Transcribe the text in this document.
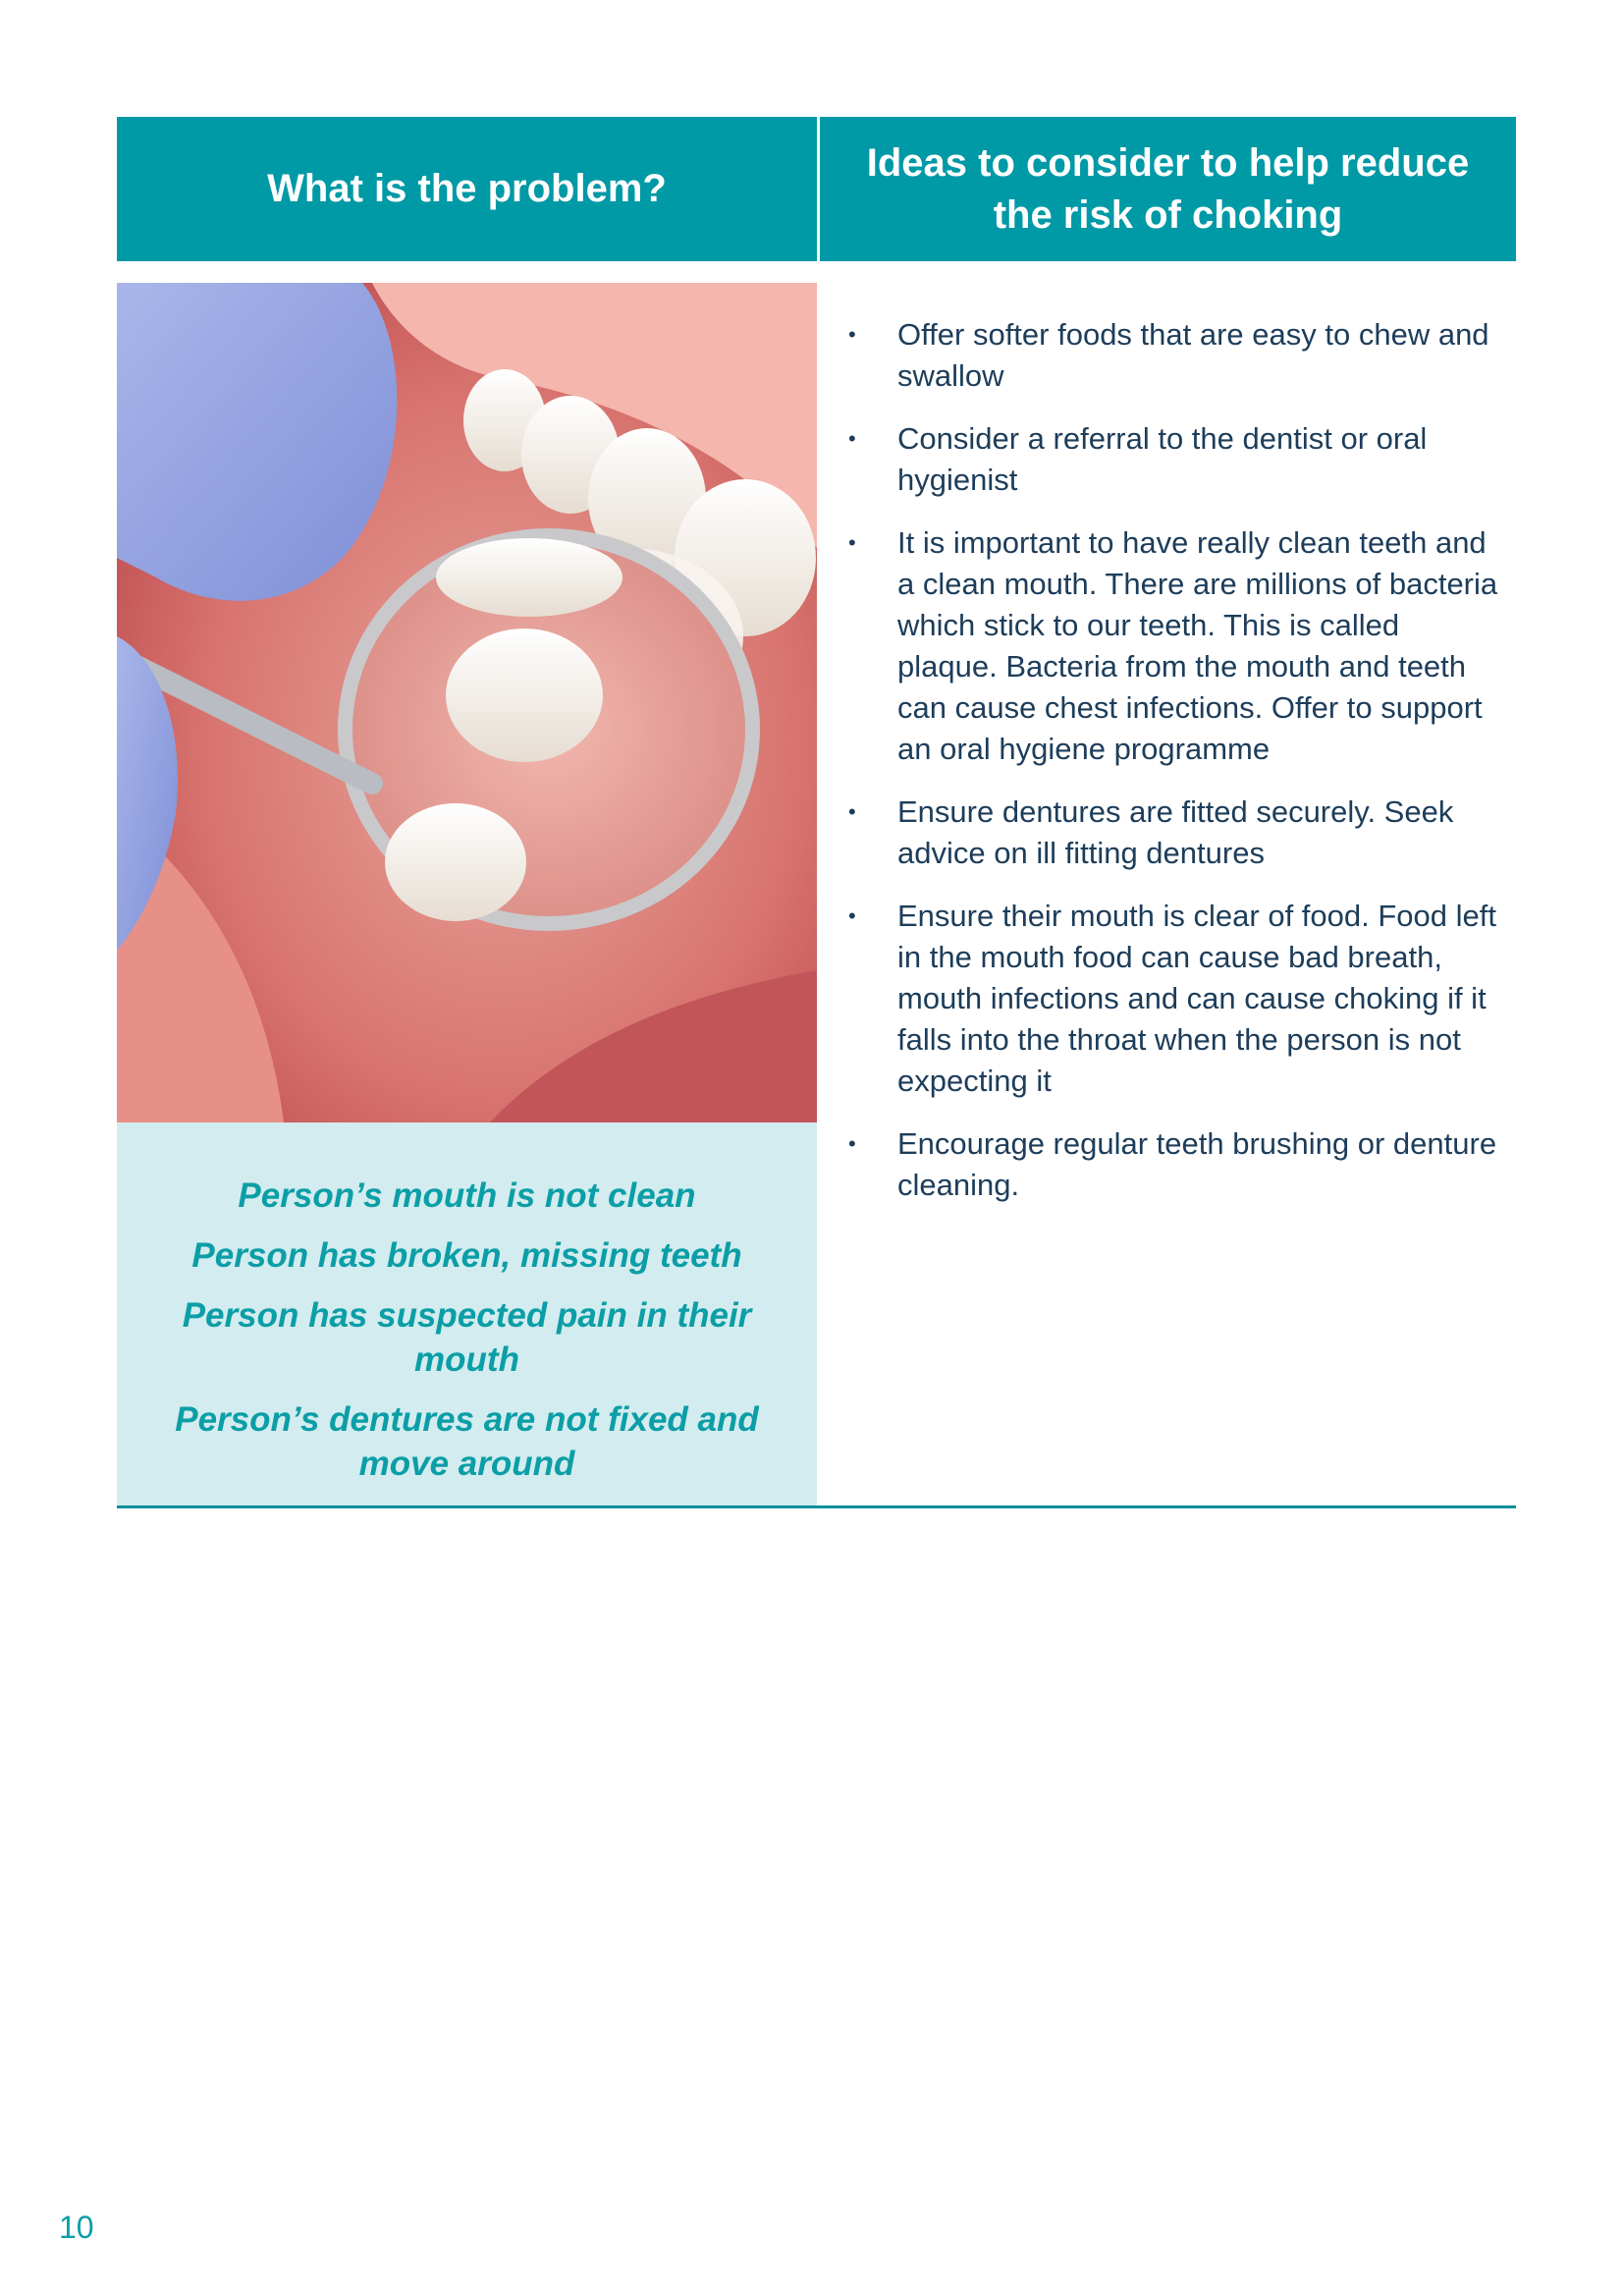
What is the problem?
Ideas to consider to help reduce the risk of choking

Person’s mouth is not clean

Person has broken, missing teeth

Person has suspected pain in their mouth

Person’s dentures are not fixed and move around

• Offer softer foods that are easy to chew and swallow
• Consider a referral to the dentist or oral hygienist
• It is important to have really clean teeth and a clean mouth. There are millions of bacteria which stick to our teeth. This is called plaque. Bacteria from the mouth and teeth can cause chest infections. Offer to support an oral hygiene programme
• Ensure dentures are fitted securely. Seek advice on ill fitting dentures
• Ensure their mouth is clear of food. Food left in the mouth food can cause bad breath, mouth infections and can cause choking if it falls into the throat when the person is not expecting it
• Encourage regular teeth brushing or denture cleaning.
10
